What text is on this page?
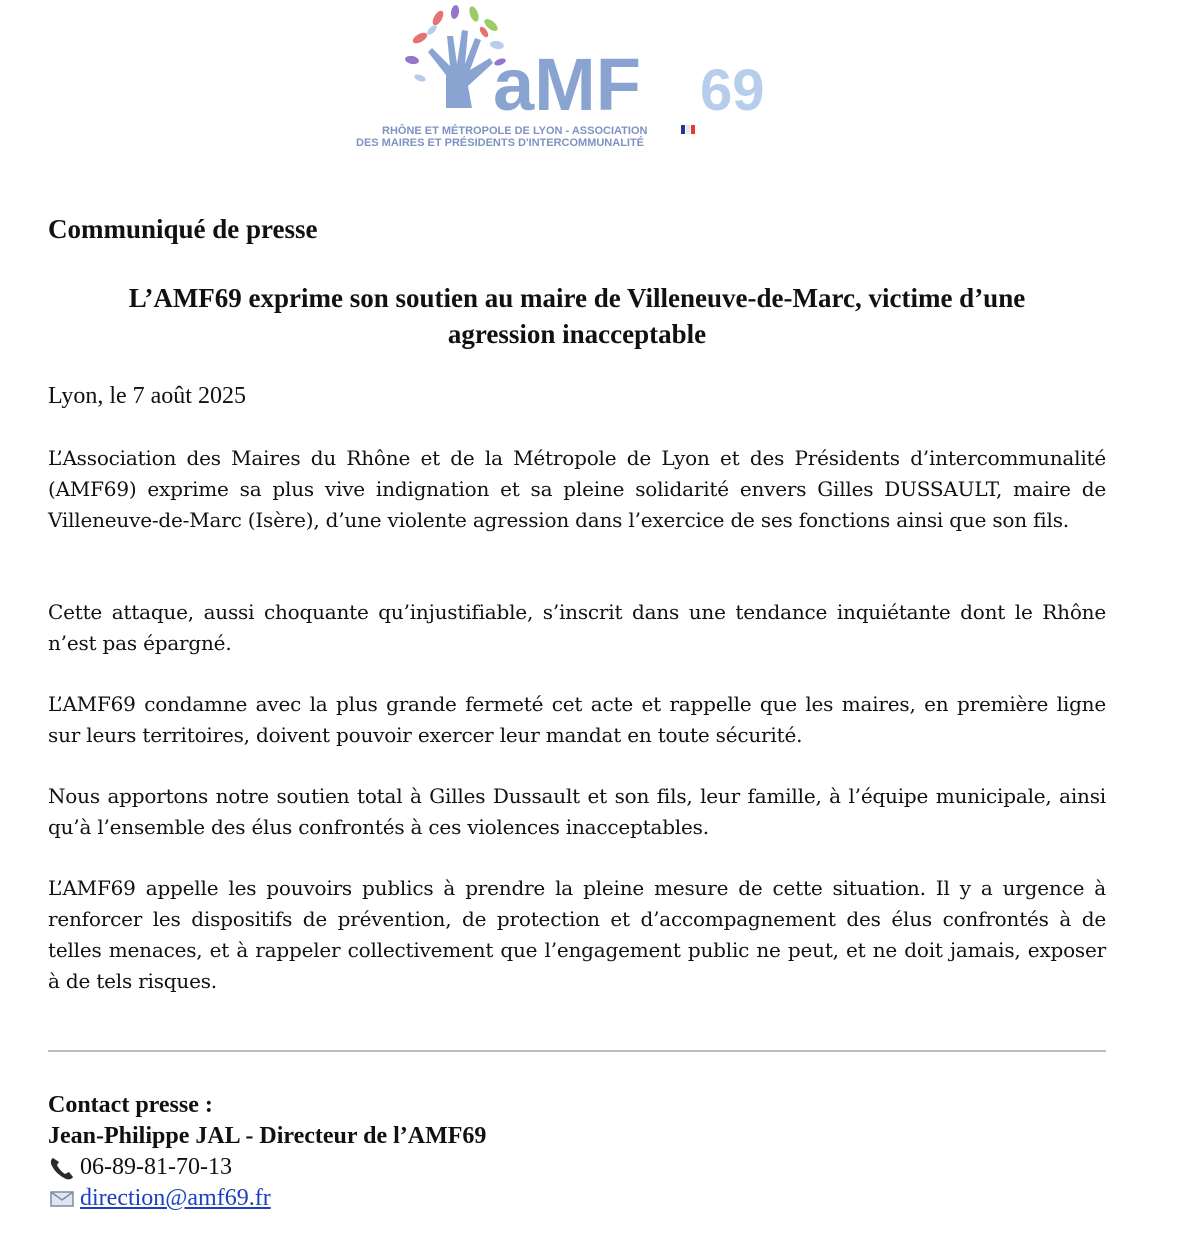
aMF 69
RHÔNE ET MÉTROPOLE DE LYON - ASSOCIATION
DES MAIRES ET PRÉSIDENTS D'INTERCOMMUNALITÉ
Communiqué de presse
L’AMF69 exprime son soutien au maire de Villeneuve-de-Marc, victime d’une
agression inacceptable

Lyon, le 7 août 2025

L’Association des Maires du Rhône et de la Métropole de Lyon et des Présidents d’intercommunalité (AMF69) exprime sa plus vive indignation et sa pleine solidarité envers Gilles DUSSAULT, maire de Villeneuve-de-Marc (Isère), d’une violente agression dans l’exercice de ses fonctions ainsi que son fils.

Cette attaque, aussi choquante qu’injustifiable, s’inscrit dans une tendance inquiétante dont le Rhône n’est pas épargné.

L’AMF69 condamne avec la plus grande fermeté cet acte et rappelle que les maires, en première ligne sur leurs territoires, doivent pouvoir exercer leur mandat en toute sécurité.

Nous apportons notre soutien total à Gilles Dussault et son fils, leur famille, à l’équipe municipale, ainsi qu’à l’ensemble des élus confrontés à ces violences inacceptables.

L’AMF69 appelle les pouvoirs publics à prendre la pleine mesure de cette situation. Il y a urgence à renforcer les dispositifs de prévention, de protection et d’accompagnement des élus confrontés à de telles menaces, et à rappeler collectivement que l’engagement public ne peut, et ne doit jamais, exposer à de tels risques.

Contact presse :
Jean-Philippe JAL - Directeur de l’AMF69
06-89-81-70-13
direction@amf69.fr
